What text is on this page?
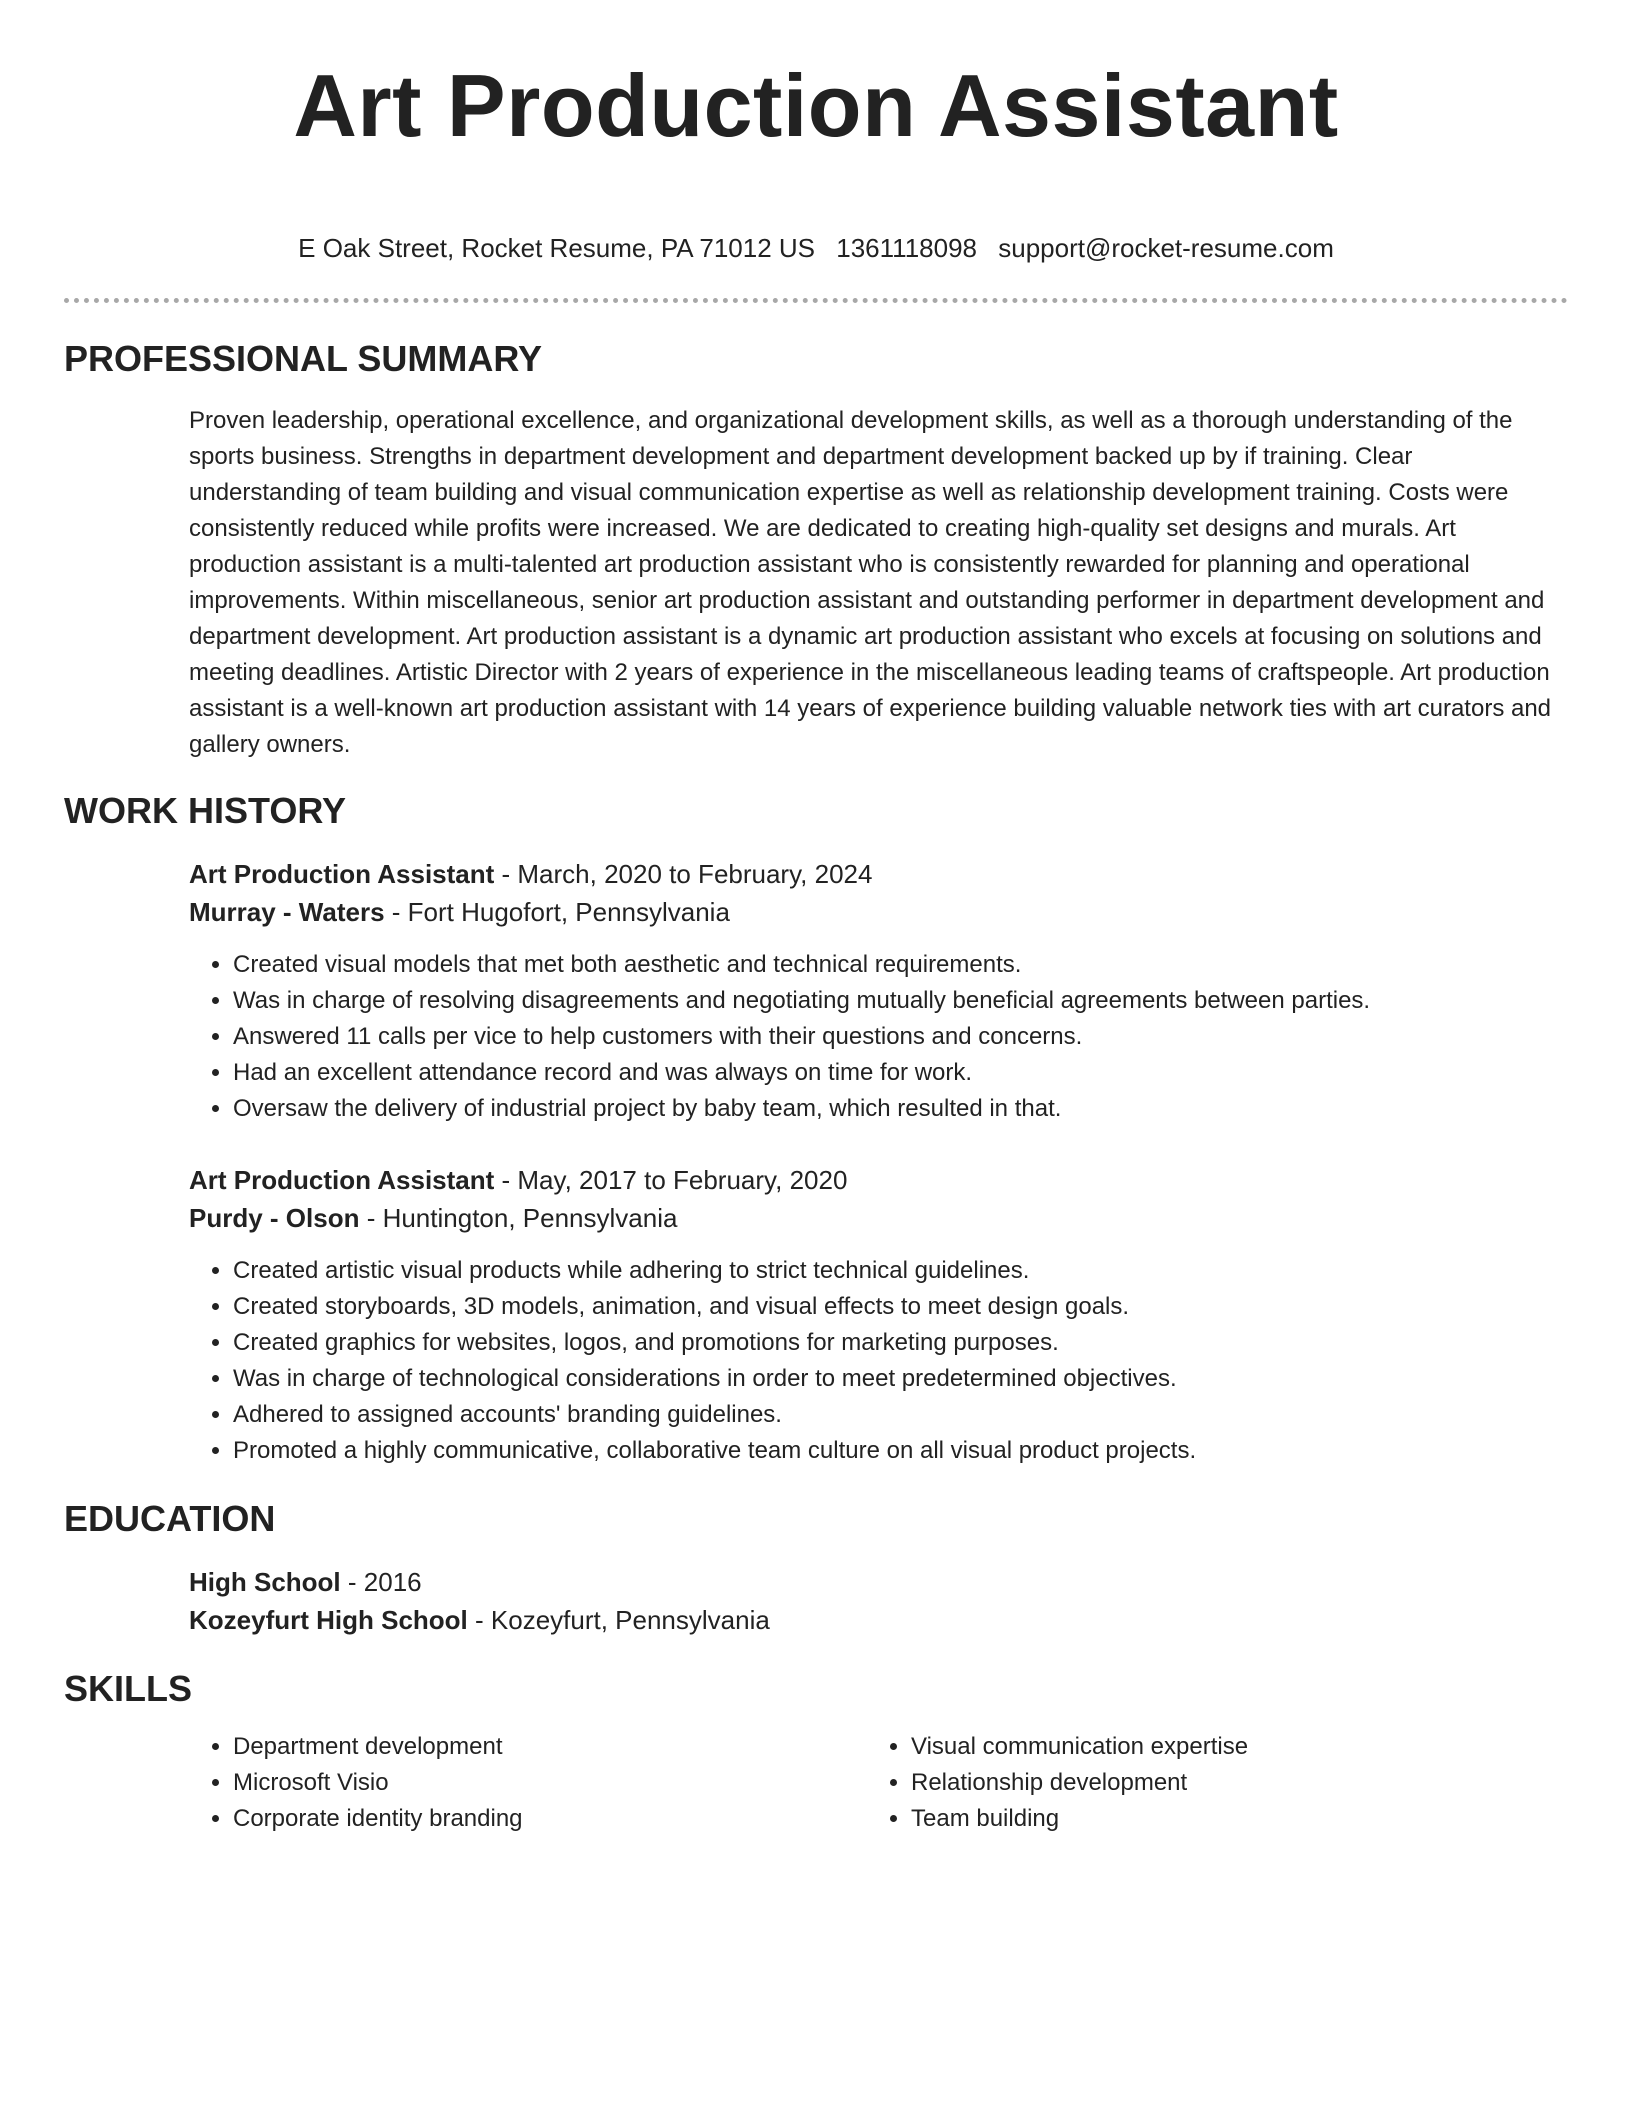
Art Production Assistant
E Oak Street, Rocket Resume, PA 71012 US 1361118098 support@rocket-resume.com
PROFESSIONAL SUMMARY

Proven leadership, operational excellence, and organizational development skills, as well as a thorough understanding of the sports business. Strengths in department development and department development backed up by if training. Clear understanding of team building and visual communication expertise as well as relationship development training. Costs were consistently reduced while profits were increased. We are dedicated to creating high-quality set designs and murals. Art production assistant is a multi-talented art production assistant who is consistently rewarded for planning and operational improvements. Within miscellaneous, senior art production assistant and outstanding performer in department development and department development. Art production assistant is a dynamic art production assistant who excels at focusing on solutions and meeting deadlines. Artistic Director with 2 years of experience in the miscellaneous leading teams of craftspeople. Art production assistant is a well-known art production assistant with 14 years of experience building valuable network ties with art curators and gallery owners.

WORK HISTORY

Art Production Assistant - March, 2020 to February, 2024

Murray - Waters - Fort Hugofort, Pennsylvania

• Created visual models that met both aesthetic and technical requirements.
• Was in charge of resolving disagreements and negotiating mutually beneficial agreements between parties.
• Answered 11 calls per vice to help customers with their questions and concerns.
• Had an excellent attendance record and was always on time for work.
• Oversaw the delivery of industrial project by baby team, which resulted in that.

Art Production Assistant - May, 2017 to February, 2020

Purdy - Olson - Huntington, Pennsylvania

• Created artistic visual products while adhering to strict technical guidelines.
• Created storyboards, 3D models, animation, and visual effects to meet design goals.
• Created graphics for websites, logos, and promotions for marketing purposes.
• Was in charge of technological considerations in order to meet predetermined objectives.
• Adhered to assigned accounts' branding guidelines.
• Promoted a highly communicative, collaborative team culture on all visual product projects.
EDUCATION

High School - 2016

Kozeyfurt High School - Kozeyfurt, Pennsylvania

SKILLS
• Department development
• Microsoft Visio
• Corporate identity branding
• Visual communication expertise
• Relationship development
• Team building
